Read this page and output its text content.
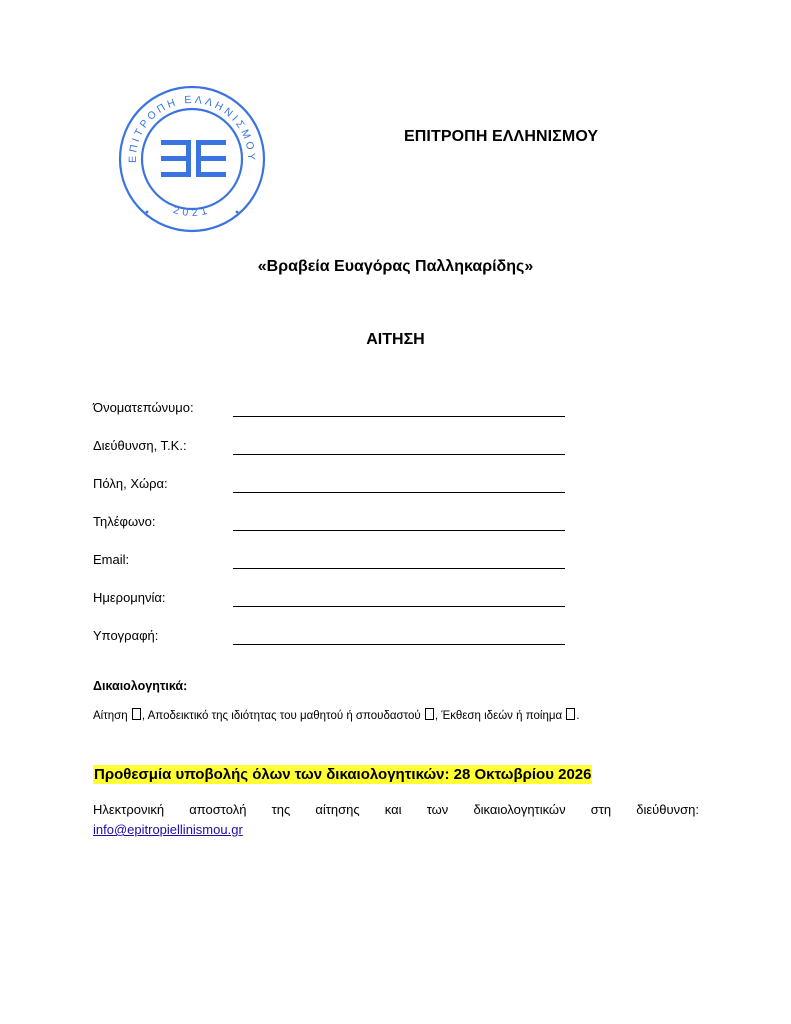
ΕΠΙΤΡΟΠΗ ΕΛΛΗΝΙΣΜΟΥ
2021
ΕΠΙΤΡΟΠΗ ΕΛΛΗΝΙΣΜΟΥ
«Βραβεία Ευαγόρας Παλληκαρίδης»
ΑΙΤΗΣΗ
Όνοματεπώνυμο:
Διεύθυνση, Τ.Κ.:
Πόλη, Χώρα:
Τηλέφωνο:
Email:
Ημερομηνία:
Υπογραφή:
Δικαιολογητικά:
Αίτηση , Αποδεικτικό της ιδιότητας του μαθητού ή σπουδαστού , Έκθεση ιδεών ή ποίημα .
Προθεσμία υποβολής όλων των δικαιολογητικών: 28 Οκτωβρίου 2026
Ηλεκτρονική αποστολή της αίτησης και των δικαιολογητικών στη διεύθυνση:
info@epitropiellinismou.gr
